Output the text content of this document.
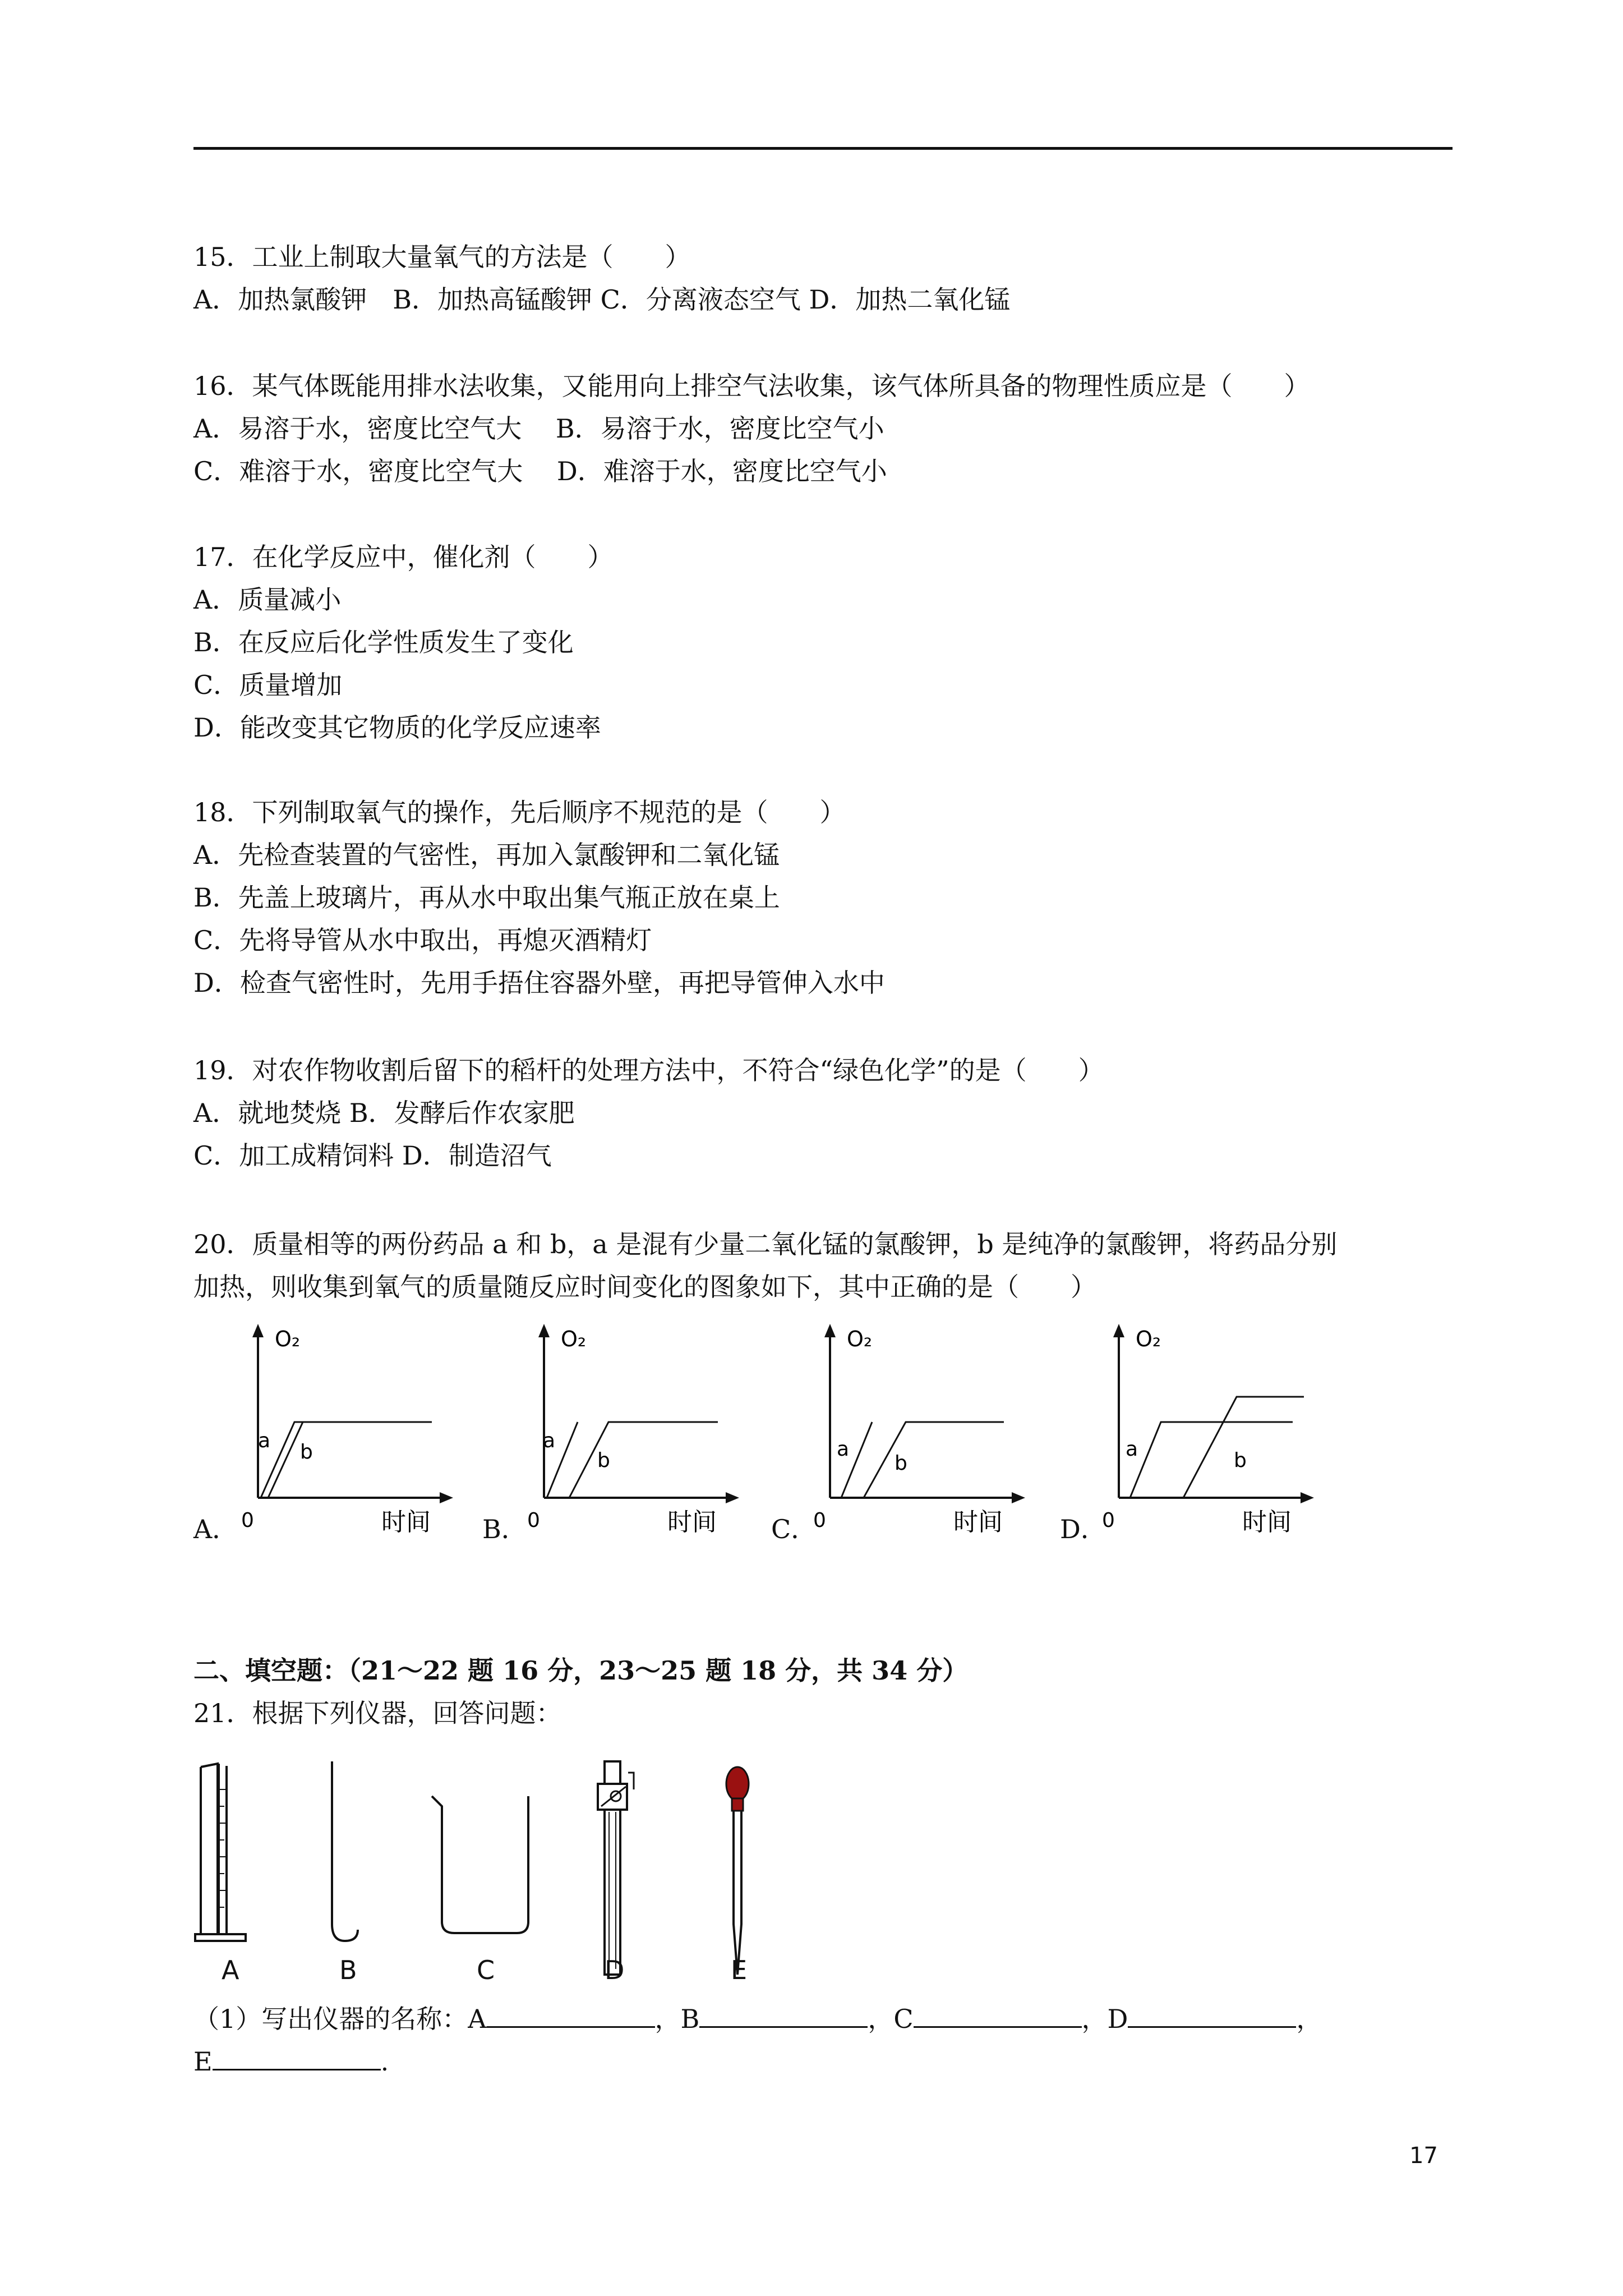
15．工业上制取大量氧气的方法是（　　）
A．加热氯酸钾　B．加热高锰酸钾 C．分离液态空气 D．加热二氧化锰
16．某气体既能用排水法收集，又能用向上排空气法收集，该气体所具备的物理性质应是（　　）
A．易溶于水，密度比空气大　 B．易溶于水，密度比空气小
C．难溶于水，密度比空气大　 D．难溶于水，密度比空气小
17．在化学反应中，催化剂（　　）
A．质量减小
B．在反应后化学性质发生了变化
C．质量增加
D．能改变其它物质的化学反应速率
18．下列制取氧气的操作，先后顺序不规范的是（　　）
A．先检查装置的气密性，再加入氯酸钾和二氧化锰
B．先盖上玻璃片，再从水中取出集气瓶正放在桌上
C．先将导管从水中取出，再熄灭酒精灯
D．检查气密性时，先用手捂住容器外壁，再把导管伸入水中
19．对农作物收割后留下的稻杆的处理方法中，不符合“绿色化学”的是（　　）
A．就地焚烧 B．发酵后作农家肥
C．加工成精饲料 D．制造沼气
20．质量相等的两份药品 a 和 b，a 是混有少量二氧化锰的氯酸钾，b 是纯净的氯酸钾，将药品分别
加热，则收集到氧气的质量随反应时间变化的图象如下，其中正确的是（　　）
A．	B．	C．	D．
O₂
0	时间
a b
O₂
0	时间
a
b
O₂
0	时间
a
b
O₂
0	时间
a	b
二、填空题：（21～22 题 16 分，23～25 题 18 分，共 34 分）
21．根据下列仪器，回答问题：
A	B	C	D	E
（1）写出仪器的名称：A	，B	，C	，D	，
E	.
17
